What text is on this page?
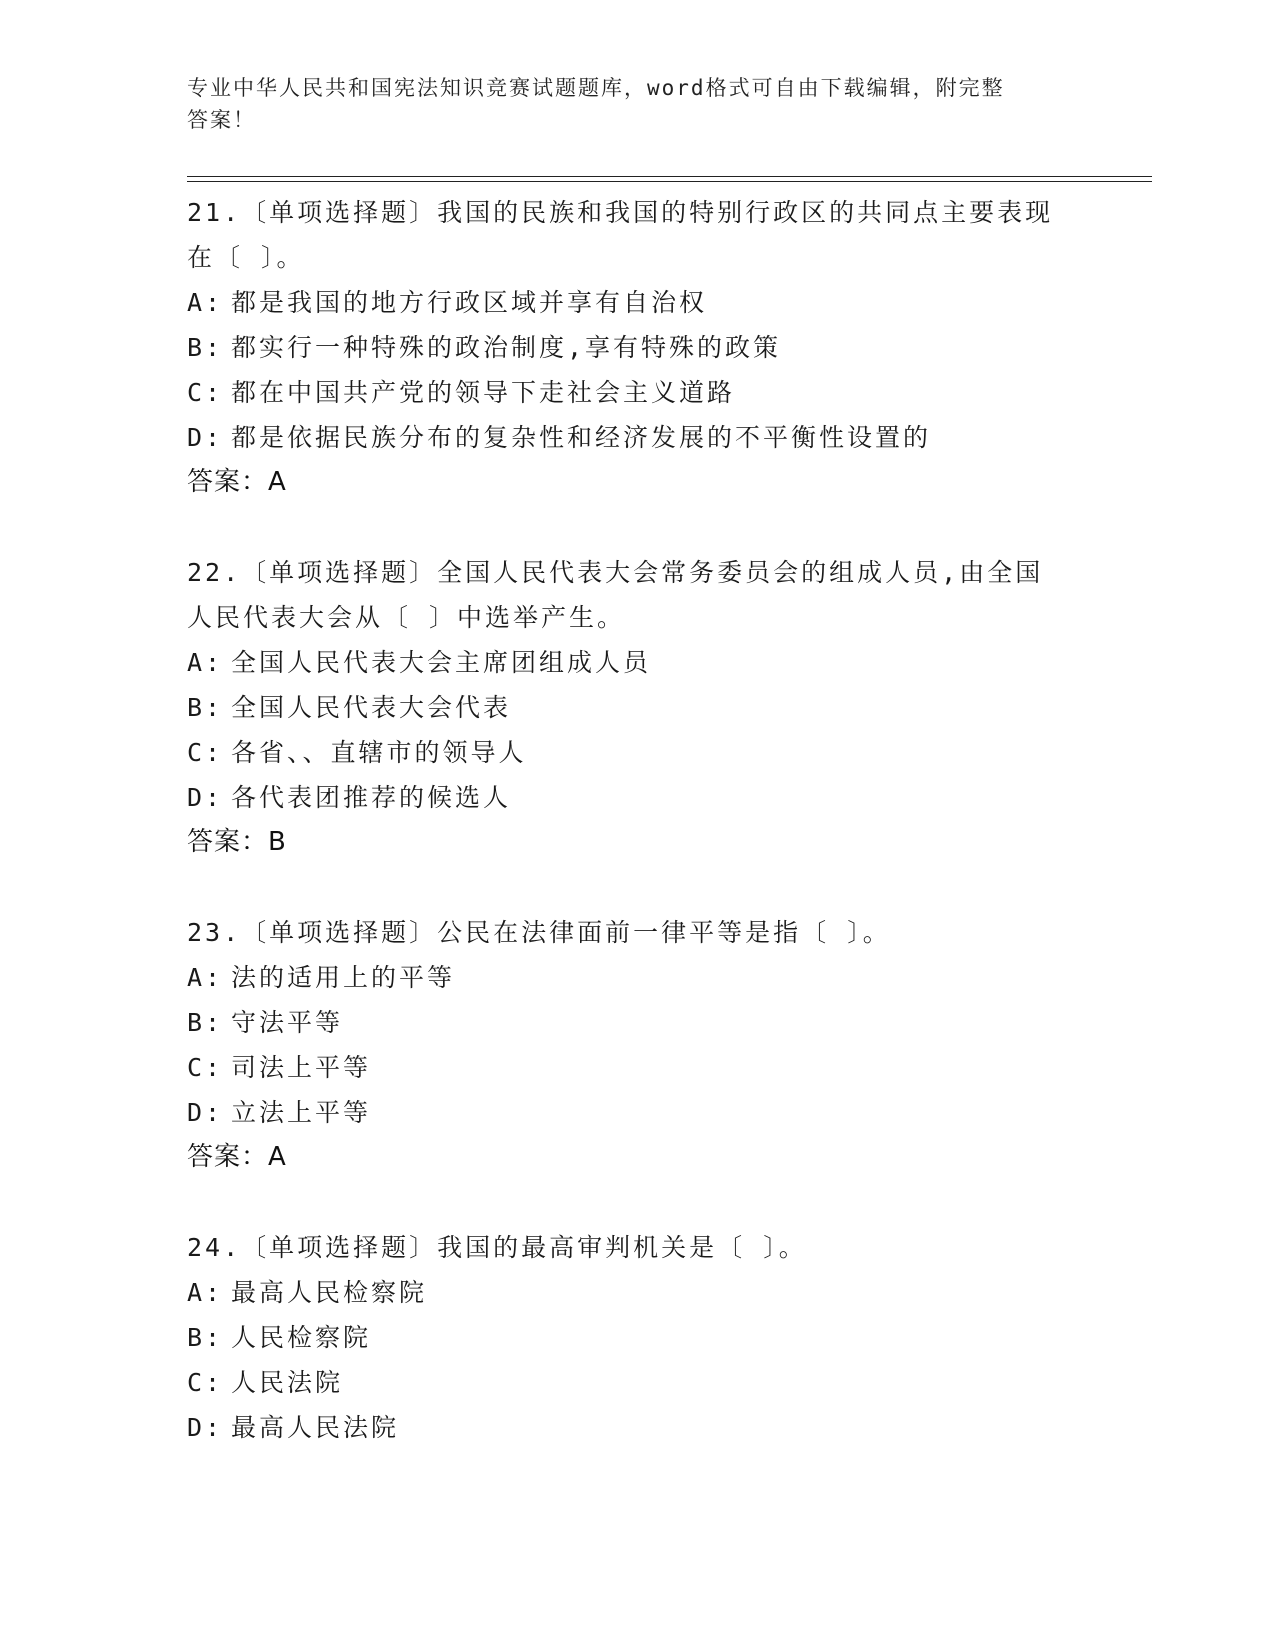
专业中华人民共和国宪法知识竞赛试题题库，word格式可自由下载编辑，附完整
答案！

21.〔单项选择题〕我国的民族和我国的特别行政区的共同点主要表现

在〔 〕。

A: 都是我国的地方行政区域并享有自治权

B: 都实行一种特殊的政治制度,享有特殊的政策

C: 都在中国共产党的领导下走社会主义道路

D: 都是依据民族分布的复杂性和经济发展的不平衡性设置的

答案：A

22.〔单项选择题〕全国人民代表大会常务委员会的组成人员,由全国

人民代表大会从〔 〕中选举产生。

A: 全国人民代表大会主席团组成人员

B: 全国人民代表大会代表

C: 各省、、直辖市的领导人

D: 各代表团推荐的候选人

答案：B

23.〔单项选择题〕公民在法律面前一律平等是指〔 〕。

A: 法的适用上的平等

B: 守法平等

C: 司法上平等

D: 立法上平等

答案：A

24.〔单项选择题〕我国的最高审判机关是〔 〕。

A: 最高人民检察院

B: 人民检察院

C: 人民法院

D: 最高人民法院
